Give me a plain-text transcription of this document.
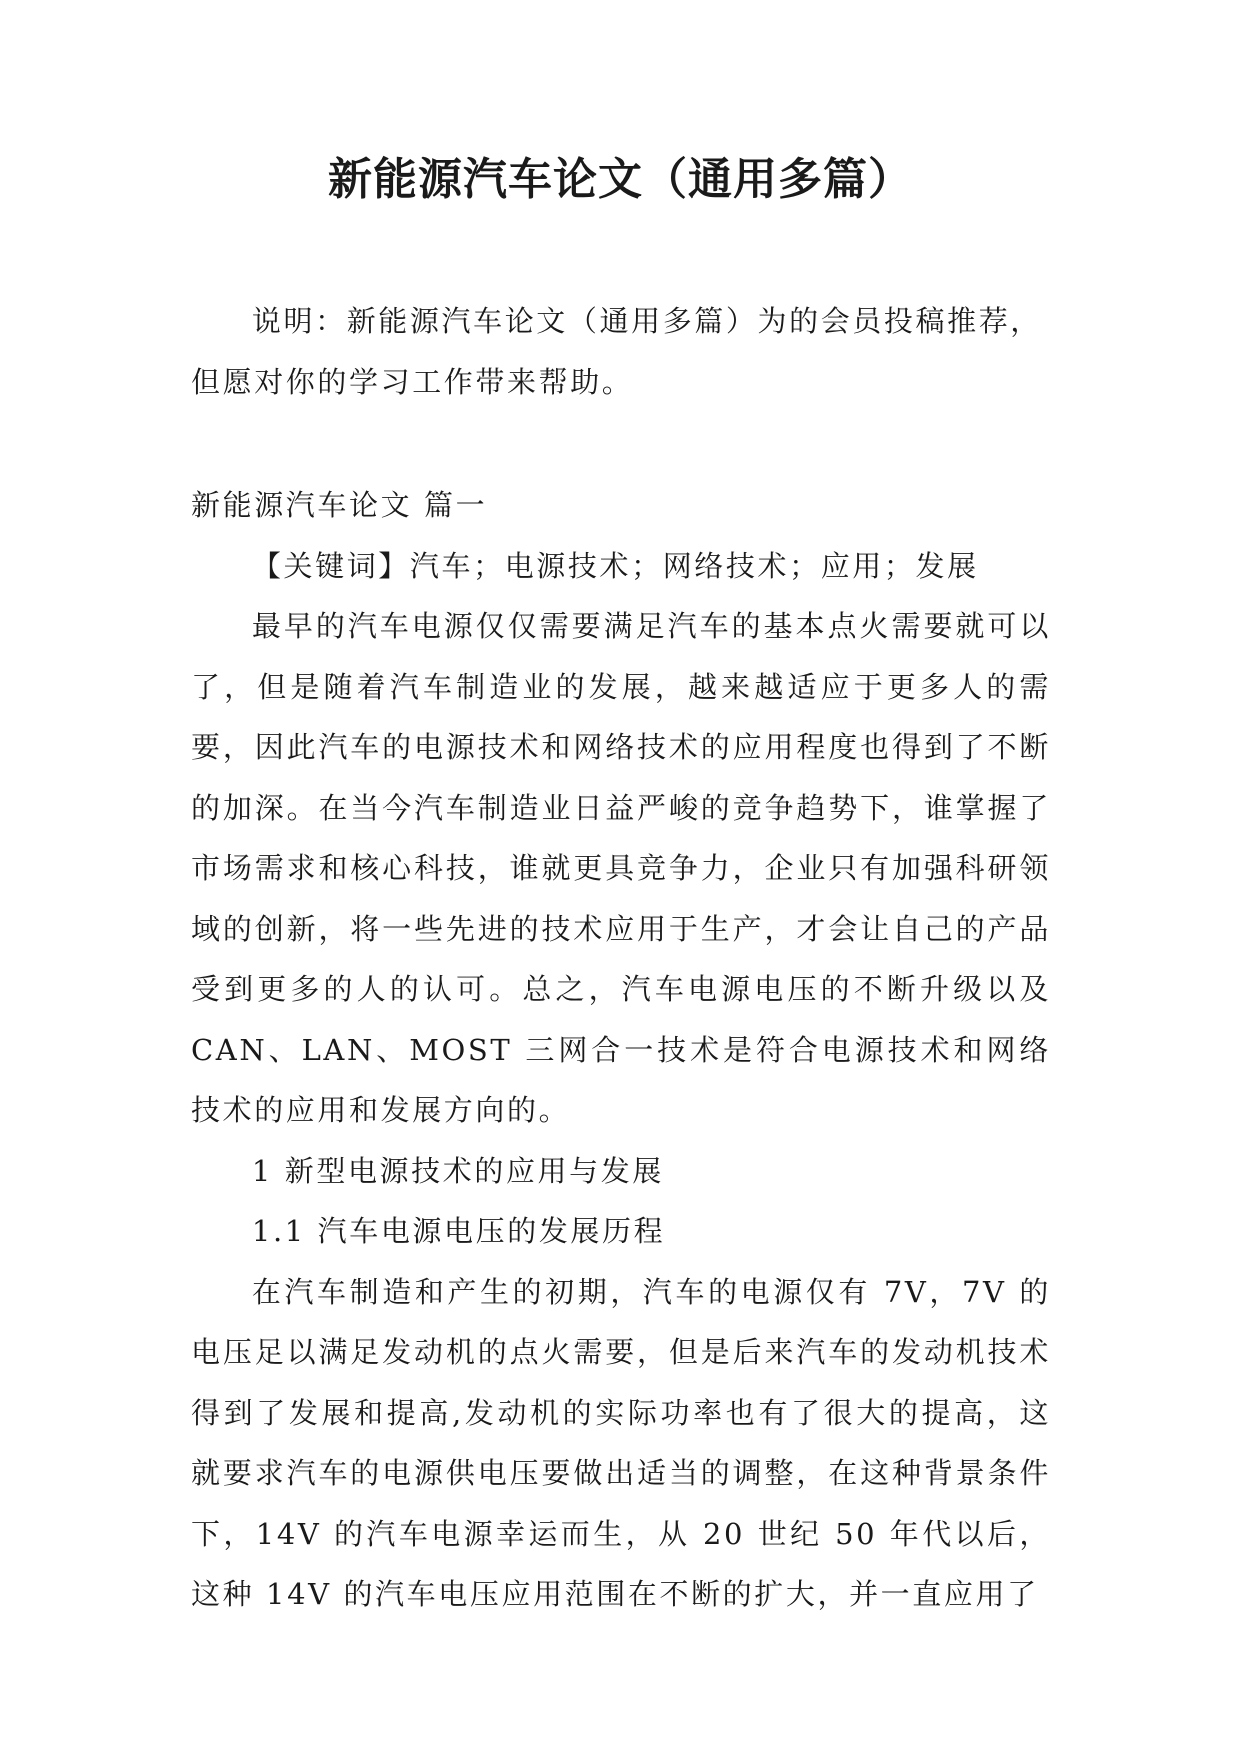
新能源汽车论文（通用多篇）

说明：新能源汽车论文（通用多篇）为的会员投稿推荐，

但愿对你的学习工作带来帮助。

新能源汽车论文 篇一

【关键词】汽车；电源技术；网络技术；应用；发展

最早的汽车电源仅仅需要满足汽车的基本点火需要就可以了，但是随着汽车制造业的发展，越来越适应于更多人的需要，因此汽车的电源技术和网络技术的应用程度也得到了不断的加深。在当今汽车制造业日益严峻的竞争趋势下，谁掌握了市场需求和核心科技，谁就更具竞争力，企业只有加强科研领域的创新，将一些先进的技术应用于生产，才会让自己的产品受到更多的人的认可。总之，汽车电源电压的不断升级以及 CAN、LAN、MOST 三网合一技术是符合电源技术和网络技术的应用和发展方向的。

1 新型电源技术的应用与发展

1.1 汽车电源电压的发展历程

在汽车制造和产生的初期，汽车的电源仅有 7V，7V 的电压足以满足发动机的点火需要，但是后来汽车的发动机技术得到了发展和提高,发动机的实际功率也有了很大的提高，这就要求汽车的电源供电压要做出适当的调整，在这种背景条件下，14V 的汽车电源幸运而生，从 20 世纪 50 年代以后，这种 14V 的汽车电压应用范围在不断的扩大，并一直应用了
